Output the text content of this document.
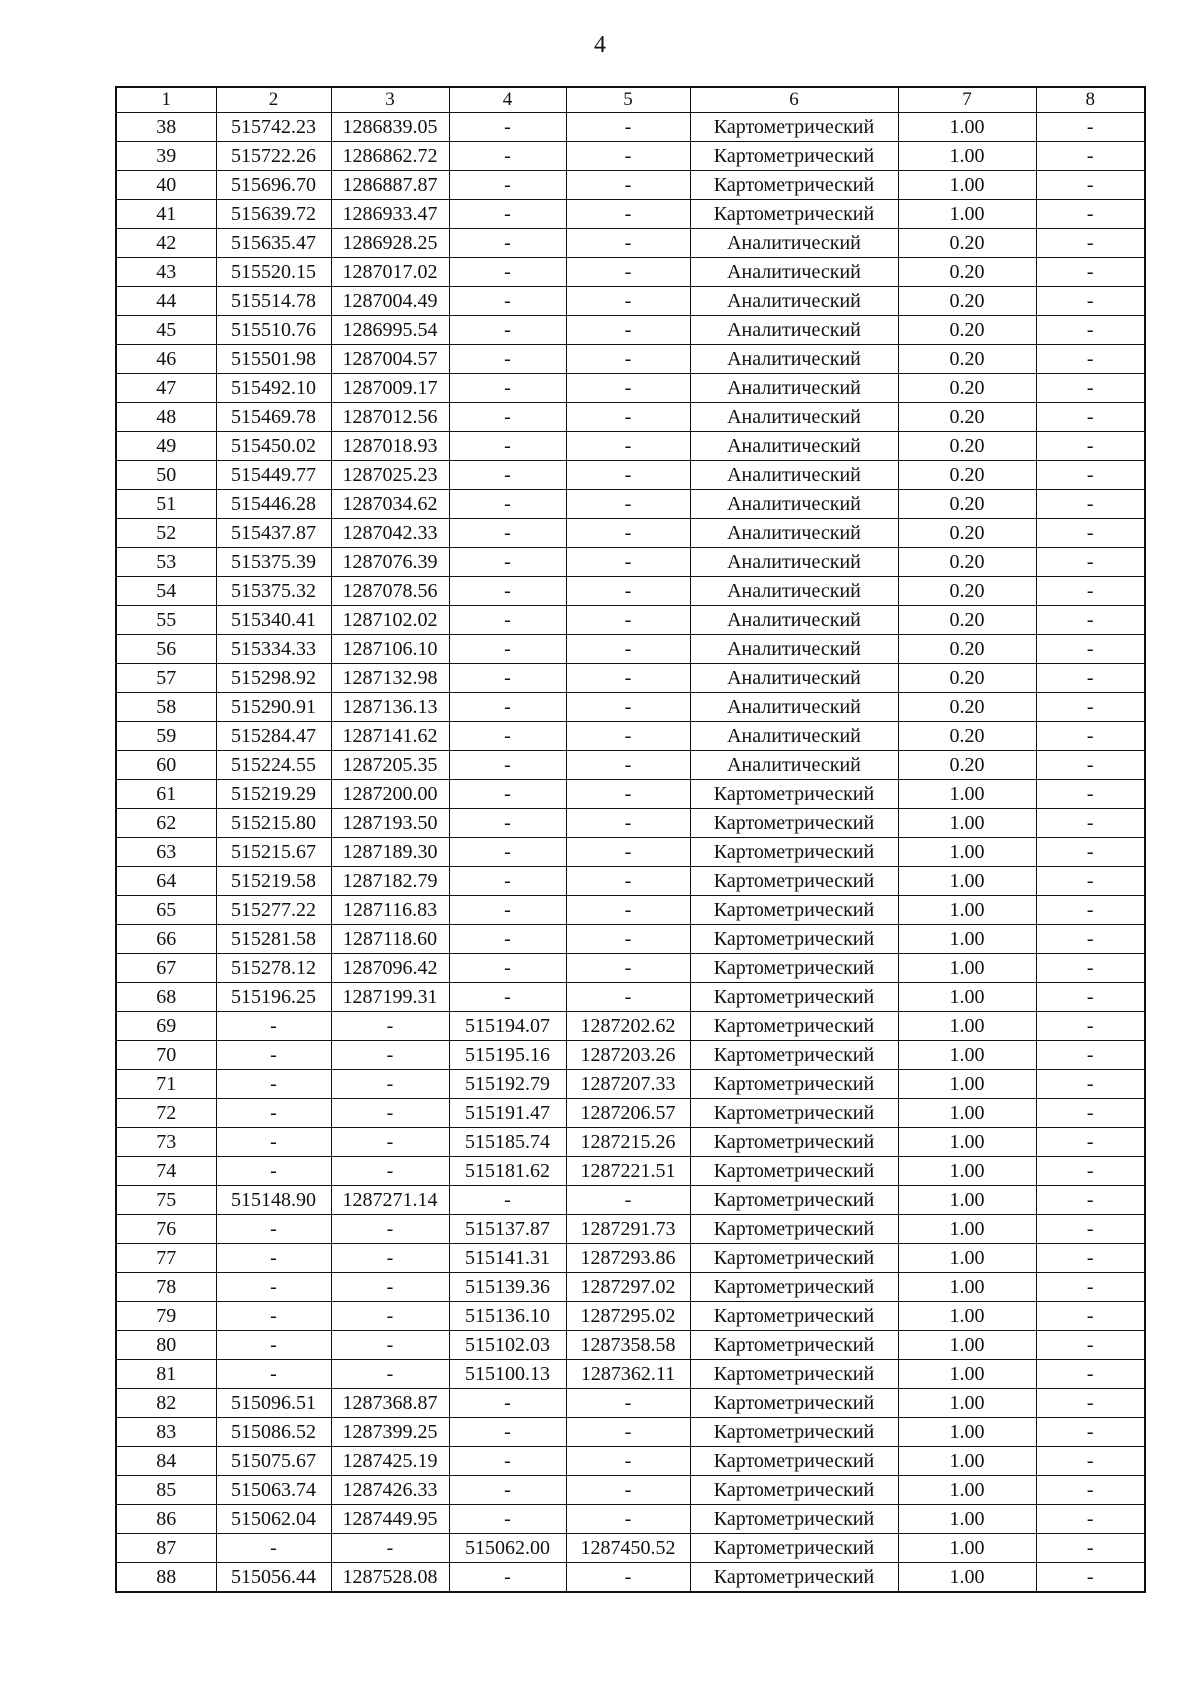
4
1	2	3	4	5	6	7	8
38	515742.23	1286839.05	-	-	Картометрический	1.00	-
39	515722.26	1286862.72	-	-	Картометрический	1.00	-
40	515696.70	1286887.87	-	-	Картометрический	1.00	-
41	515639.72	1286933.47	-	-	Картометрический	1.00	-
42	515635.47	1286928.25	-	-	Аналитический	0.20	-
43	515520.15	1287017.02	-	-	Аналитический	0.20	-
44	515514.78	1287004.49	-	-	Аналитический	0.20	-
45	515510.76	1286995.54	-	-	Аналитический	0.20	-
46	515501.98	1287004.57	-	-	Аналитический	0.20	-
47	515492.10	1287009.17	-	-	Аналитический	0.20	-
48	515469.78	1287012.56	-	-	Аналитический	0.20	-
49	515450.02	1287018.93	-	-	Аналитический	0.20	-
50	515449.77	1287025.23	-	-	Аналитический	0.20	-
51	515446.28	1287034.62	-	-	Аналитический	0.20	-
52	515437.87	1287042.33	-	-	Аналитический	0.20	-
53	515375.39	1287076.39	-	-	Аналитический	0.20	-
54	515375.32	1287078.56	-	-	Аналитический	0.20	-
55	515340.41	1287102.02	-	-	Аналитический	0.20	-
56	515334.33	1287106.10	-	-	Аналитический	0.20	-
57	515298.92	1287132.98	-	-	Аналитический	0.20	-
58	515290.91	1287136.13	-	-	Аналитический	0.20	-
59	515284.47	1287141.62	-	-	Аналитический	0.20	-
60	515224.55	1287205.35	-	-	Аналитический	0.20	-
61	515219.29	1287200.00	-	-	Картометрический	1.00	-
62	515215.80	1287193.50	-	-	Картометрический	1.00	-
63	515215.67	1287189.30	-	-	Картометрический	1.00	-
64	515219.58	1287182.79	-	-	Картометрический	1.00	-
65	515277.22	1287116.83	-	-	Картометрический	1.00	-
66	515281.58	1287118.60	-	-	Картометрический	1.00	-
67	515278.12	1287096.42	-	-	Картометрический	1.00	-
68	515196.25	1287199.31	-	-	Картометрический	1.00	-
69	-	-	515194.07	1287202.62	Картометрический	1.00	-
70	-	-	515195.16	1287203.26	Картометрический	1.00	-
71	-	-	515192.79	1287207.33	Картометрический	1.00	-
72	-	-	515191.47	1287206.57	Картометрический	1.00	-
73	-	-	515185.74	1287215.26	Картометрический	1.00	-
74	-	-	515181.62	1287221.51	Картометрический	1.00	-
75	515148.90	1287271.14	-	-	Картометрический	1.00	-
76	-	-	515137.87	1287291.73	Картометрический	1.00	-
77	-	-	515141.31	1287293.86	Картометрический	1.00	-
78	-	-	515139.36	1287297.02	Картометрический	1.00	-
79	-	-	515136.10	1287295.02	Картометрический	1.00	-
80	-	-	515102.03	1287358.58	Картометрический	1.00	-
81	-	-	515100.13	1287362.11	Картометрический	1.00	-
82	515096.51	1287368.87	-	-	Картометрический	1.00	-
83	515086.52	1287399.25	-	-	Картометрический	1.00	-
84	515075.67	1287425.19	-	-	Картометрический	1.00	-
85	515063.74	1287426.33	-	-	Картометрический	1.00	-
86	515062.04	1287449.95	-	-	Картометрический	1.00	-
87	-	-	515062.00	1287450.52	Картометрический	1.00	-
88	515056.44	1287528.08	-	-	Картометрический	1.00	-
